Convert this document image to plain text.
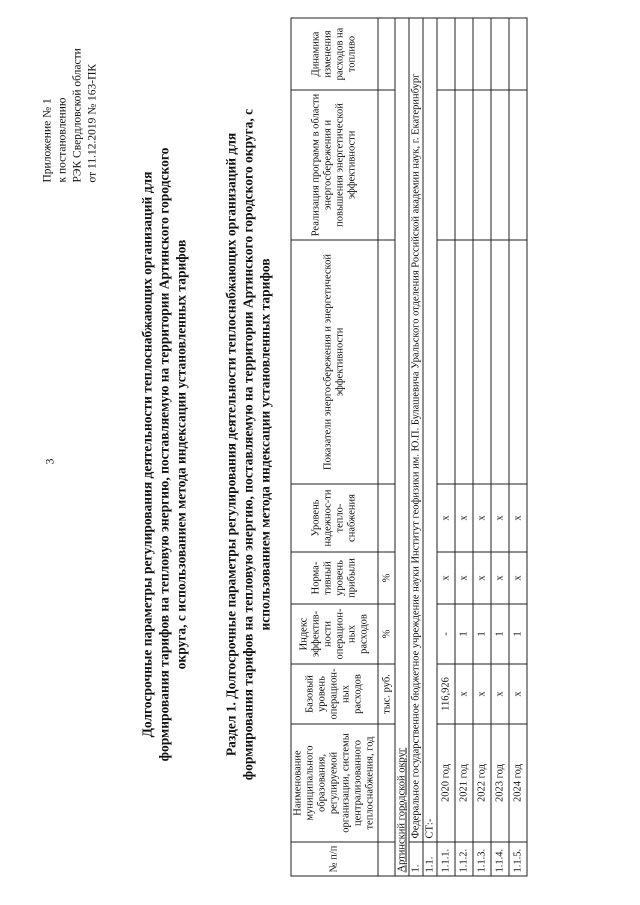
3
Приложение № 1 к постановлению РЭК Свердловской области от 11.12.2019 № 163-ПК
Долгосрочные параметры регулирования деятельности теплоснабжающих организаций для формирования тарифов на тепловую энергию, поставляемую на территории Артинского городского округа, с использованием метода индексации установленных тарифов	Раздел 1. Долгосрочные параметры регулирования деятельности теплоснабжающих организаций для формирования тарифов на тепловую энергию, поставляемую на территории Артинского городского округа, с использованием метода индексации установленных тарифов
№ п/п	Наименование муниципального образования, регулируемой организации, системы централизованного теплоснабжения, год	Базовый уровень операцион-ных расходов	Индекс эффектив-ности операцион-ных расходов	Норма-тивный уровень прибыли	Уровень надежнос-ти тепло-снабжения	Показатели энергосбережения и энергетической эффективности	Реализация программ в области энергосбережения и повышения энергетической эффективности	Динамика изменения расходов на топливо
		тыс. руб.	%	%				
Артинский городской округ								
1.	Федеральное государственное бюджетное учреждение науки Институт геофизики им. Ю.П. Булашевича Уральского отделения Российской академии наук, г. Екатеринбург							
1.1.	СТ:-							
1.1.1.	2020 год	116,926	-	x	x			
1.1.2.	2021 год	x	1	x	x			
1.1.3.	2022 год	x	1	x	x			
1.1.4.	2023 год	x	1	x	x			
1.1.5.	2024 год	x	1	x	x			
